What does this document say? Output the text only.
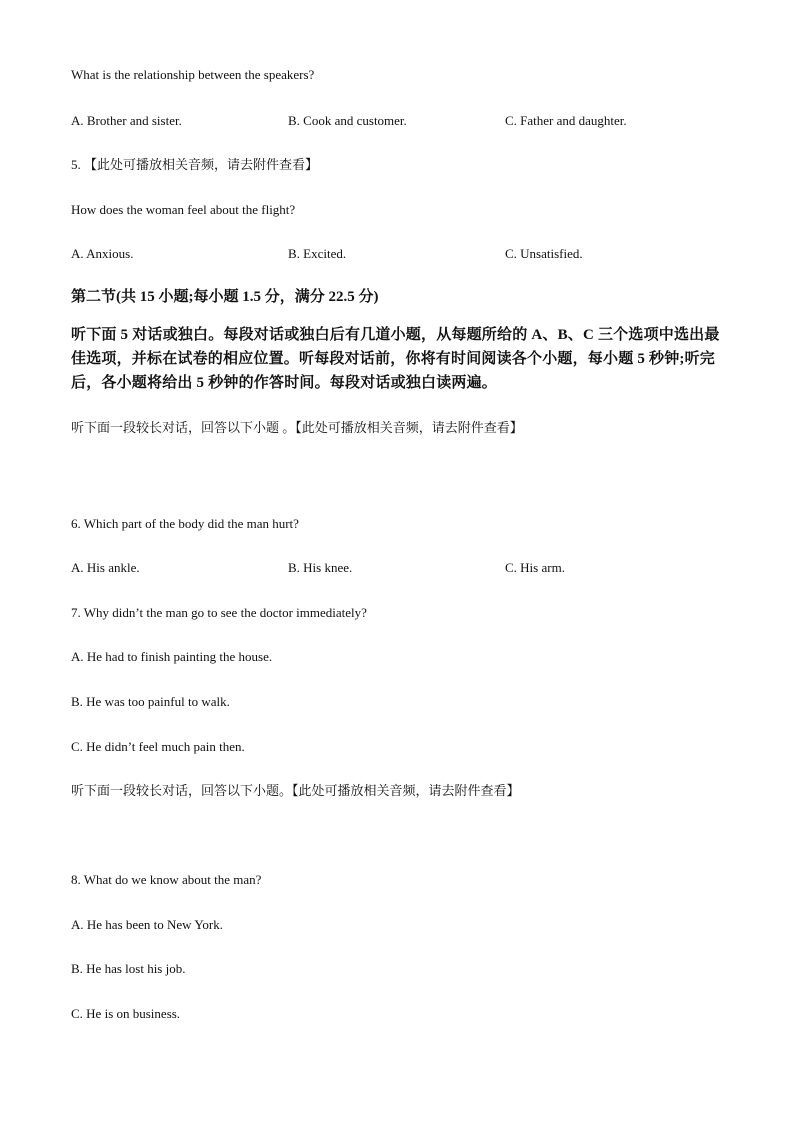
What is the relationship between the speakers?
A. Brother and sister.	B. Cook and customer.	C. Father and daughter.
5. 【此处可播放相关音频，请去附件查看】
How does the woman feel about the flight?
A. Anxious.	B. Excited.	C. Unsatisfied.
第二节(共 15 小题;每小题 1.5 分，满分 22.5 分)
听下面 5 对话或独白。每段对话或独白后有几道小题，从每题所给的 A、B、C 三个选项中选出最佳选项，并标在试卷的相应位置。听每段对话前，你将有时间阅读各个小题，每小题 5 秒钟;听完后，各小题将给出 5 秒钟的作答时间。每段对话或独白读两遍。
听下面一段较长对话，回答以下小题 。【此处可播放相关音频，请去附件查看】
6. Which part of the body did the man hurt?
A. His ankle.	B. His knee.	C. His arm.
7. Why didn’t the man go to see the doctor immediately?
A. He had to finish painting the house.
B. He was too painful to walk.
C. He didn’t feel much pain then.
听下面一段较长对话，回答以下小题。【此处可播放相关音频，请去附件查看】
8. What do we know about the man?
A. He has been to New York.
B. He has lost his job.
C. He is on business.
